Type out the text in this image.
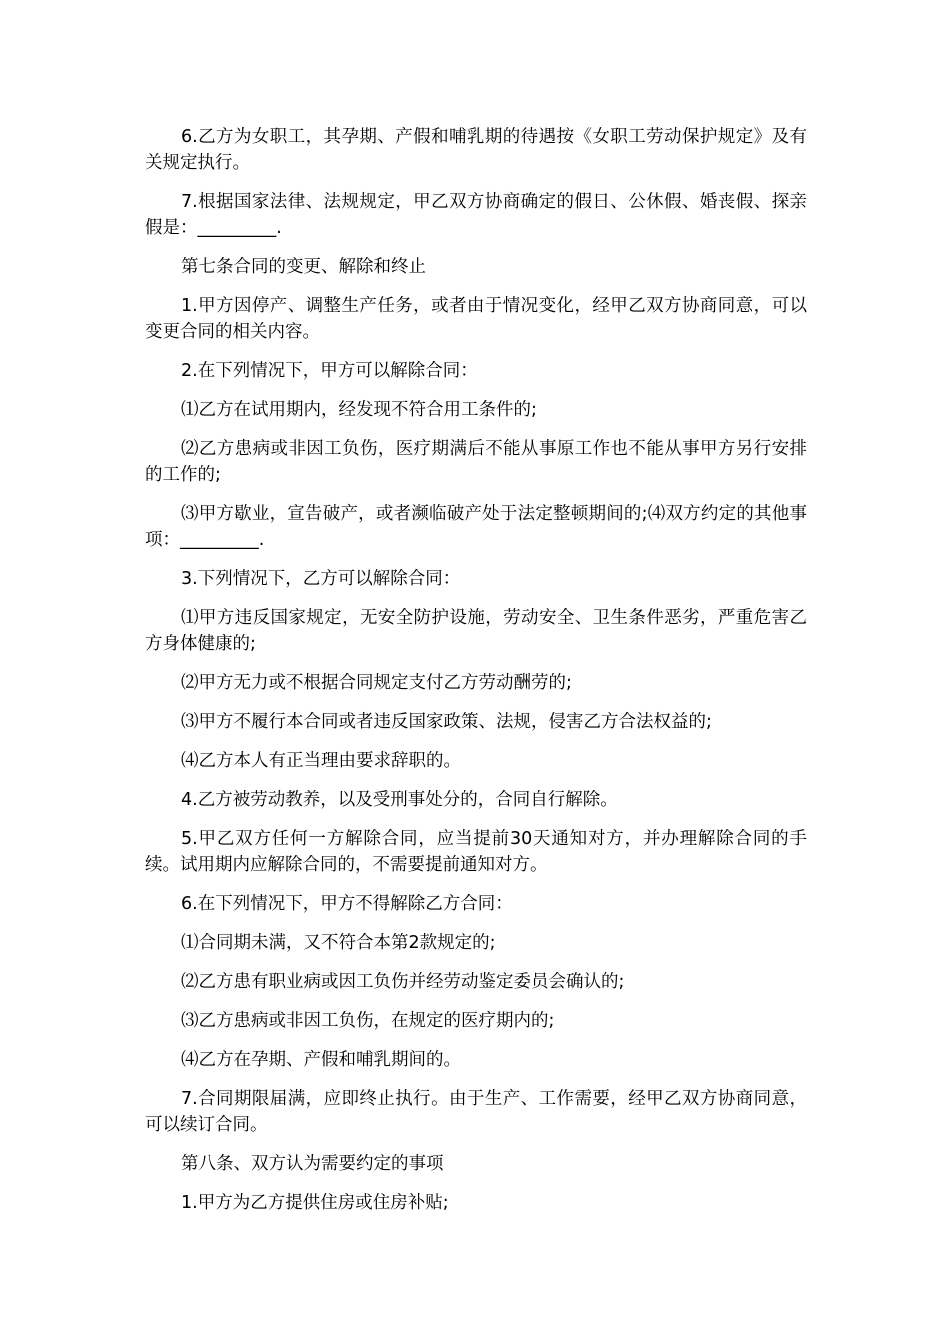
6.乙方为女职工，其孕期、产假和哺乳期的待遇按《女职工劳动保护规定》及有关规定执行。

7.根据国家法律、法规规定，甲乙双方协商确定的假日、公休假、婚丧假、探亲假是：_________.

第七条合同的变更、解除和终止

1.甲方因停产、调整生产任务，或者由于情况变化，经甲乙双方协商同意，可以变更合同的相关内容。

2.在下列情况下，甲方可以解除合同：

⑴乙方在试用期内，经发现不符合用工条件的;

⑵乙方患病或非因工负伤，医疗期满后不能从事原工作也不能从事甲方另行安排的工作的;

⑶甲方歇业，宣告破产，或者濒临破产处于法定整顿期间的;⑷双方约定的其他事项：_________.

3.下列情况下，乙方可以解除合同：

⑴甲方违反国家规定，无安全防护设施，劳动安全、卫生条件恶劣，严重危害乙方身体健康的;

⑵甲方无力或不根据合同规定支付乙方劳动酬劳的;

⑶甲方不履行本合同或者违反国家政策、法规，侵害乙方合法权益的;

⑷乙方本人有正当理由要求辞职的。

4.乙方被劳动教养，以及受刑事处分的，合同自行解除。

5.甲乙双方任何一方解除合同，应当提前30天通知对方，并办理解除合同的手续。试用期内应解除合同的，不需要提前通知对方。

6.在下列情况下，甲方不得解除乙方合同：

⑴合同期未满，又不符合本第2款规定的;

⑵乙方患有职业病或因工负伤并经劳动鉴定委员会确认的;

⑶乙方患病或非因工负伤，在规定的医疗期内的;

⑷乙方在孕期、产假和哺乳期间的。

7.合同期限届满，应即终止执行。由于生产、工作需要，经甲乙双方协商同意，可以续订合同。

第八条、双方认为需要约定的事项

1.甲方为乙方提供住房或住房补贴;
